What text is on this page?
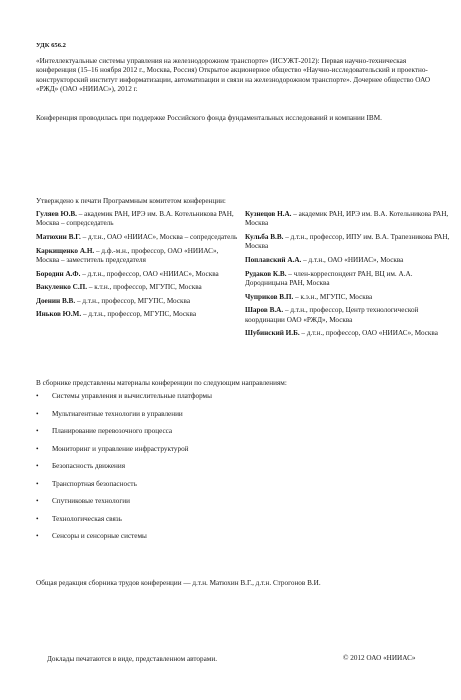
УДК 656.2

«Интеллектуальные системы управления на железнодорожном транспорте» (ИСУЖТ-2012): Первая научно-техническая конференция (15–16 ноября 2012 г., Москва, Россия) Открытое акционерное общество «Научно-исследовательский и проектно-конструкторский институт информатизации, автоматизации и связи на железнодорожном транспорте». Дочернее общество ОАО «РЖД» (ОАО «НИИАС»), 2012 г.

Конференция проводилась при поддержке Российского фонда фундаментальных исследований и компании IBM.

Утверждено к печати Программным комитетом конференции:

Гуляев Ю.В. – академик РАН, ИРЭ им. В.А. Котельникова РАН, Москва – сопредседатель

Матюхин В.Г. – д.т.н., ОАО «НИИАС», Москва – сопредседатель

Каркищенко А.Н. – д.ф.-м.н., профессор, ОАО «НИИАС», Москва – заместитель председателя

Бородин А.Ф. – д.т.н., профессор, ОАО «НИИАС», Москва

Вакуленко С.П. – к.т.н., профессор, МГУПС, Москва

Доенин В.В. – д.т.н., профессор, МГУПС, Москва

Иньков Ю.М. – д.т.н., профессор, МГУПС, Москва

Кузнецов Н.А. – академик РАН, ИРЭ им. В.А. Котельникова РАН, Москва

Кульба В.В. – д.т.н., профессор, ИПУ им. В.А. Трапезникова РАН, Москва

Поплавский А.А. – д.т.н., ОАО «НИИАС», Москва

Рудаков К.В. – член-корреспондент РАН, ВЦ им. А.А. Дородницына РАН, Москва

Чуприков В.П. – к.э.н., МГУПС, Москва

Шаров В.А. – д.т.н., профессор, Центр технологической координации ОАО «РЖД», Москва

Шубинский И.Б. – д.т.н., профессор, ОАО «НИИАС», Москва

В сборнике представлены материалы конференции по следующим направлениям:
• Системы управления и вычислительные платформы
• Мультиагентные технологии в управлении
• Планирование перевозочного процесса
• Мониторинг и управление инфраструктурой
• Безопасность движения
• Транспортная безопасность
• Спутниковые технологии
• Технологическая связь
• Сенсоры и сенсорные системы
Общая редакция сборника трудов конференции — д.т.н. Матюхин В.Г., д.т.н. Строгонов В.И.
Доклады печатаются в виде, представленном авторами.	© 2012 ОАО «НИИАС»
